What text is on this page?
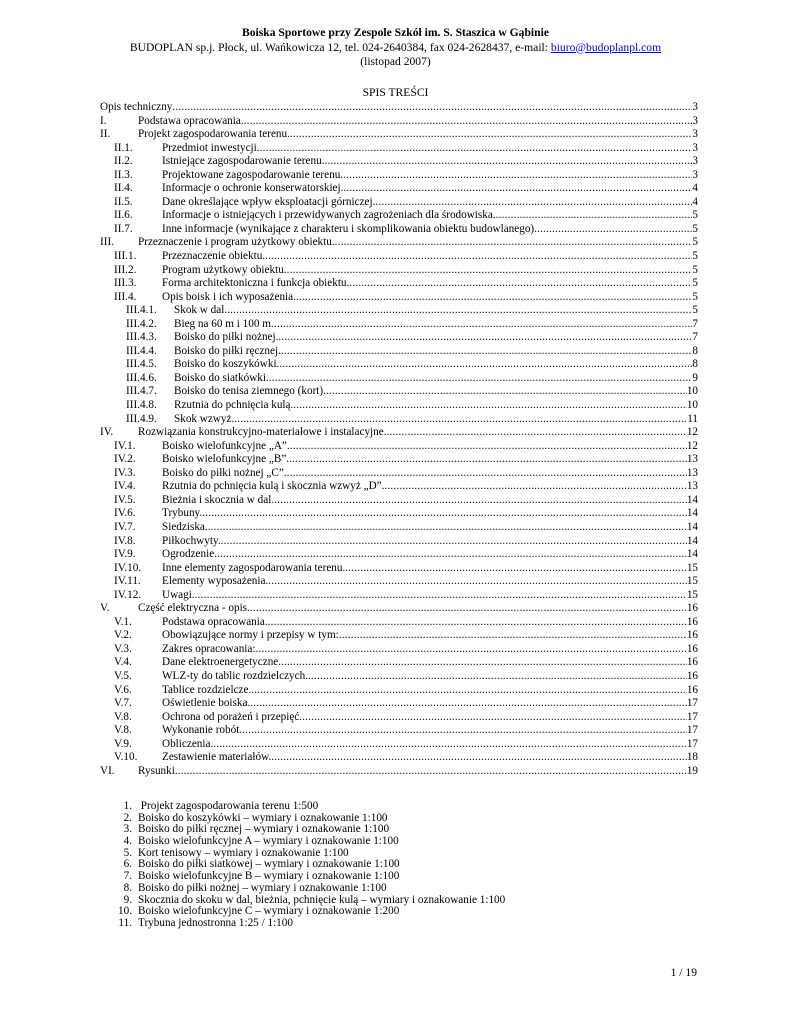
Boiska Sportowe przy Zespole Szkół im. S. Staszica w Gąbinie
BUDOPLAN sp.j. Płock, ul. Wańkowicza 12, tel. 024-2640384, fax 024-2628437, e-mail: biuro@budoplanpl.com
(listopad 2007)
SPIS TREŚCI
Opis techniczny .....	3
I.	Podstawa opracowania. .....	3
II.	Projekt zagospodarowania terenu. .....	3
II.1.	Przedmiot inwestycji. .....	3
II.2.	Istniejące zagospodarowanie terenu. .....	3
II.3.	Projektowane zagospodarowanie terenu. .....	3
II.4.	Informacje o ochronie konserwatorskiej. .....	4
II.5.	Dane określające wpływ eksploatacji górniczej. .....	4
II.6.	Informacje o istniejących i przewidywanych zagrożeniach dla środowiska. .....	5
II.7.	Inne informacje (wynikające z charakteru i skomplikowania obiektu budowlanego). .....	5
III.	Przeznaczenie i program użytkowy obiektu. .....	5
III.1.	Przeznaczenie obiektu. .....	5
III.2.	Program użytkowy obiektu. .....	5
III.3.	Forma architektoniczna i funkcja obiektu. .....	5
III.4.	Opis boisk i ich wyposażenia. .....	5
III.4.1.	Skok w dal. .....	5
III.4.2.	Bieg na 60 m i 100 m .....	7
III.4.3.	Boisko do piłki nożnej. .....	7
III.4.4.	Boisko do piłki ręcznej. .....	8
III.4.5.	Boisko do koszykówki. .....	8
III.4.6.	Boisko do siatkówki. .....	9
III.4.7.	Boisko do tenisa ziemnego (kort). .....	10
III.4.8.	Rzutnia do pchnięcia kulą. .....	10
III.4.9.	Skok wzwyż. .....	11
IV.	Rozwiązania konstrukcyjno-materiałowe i instalacyjne. .....	12
IV.1.	Boisko wielofunkcyjne „A”. .....	12
IV.2.	Boisko wielofunkcyjne „B”. .....	13
IV.3.	Boisko do piłki nożnej „C”. .....	13
IV.4.	Rzutnia do pchnięcia kulą i skocznia wzwyż „D”. .....	13
IV.5.	Bieżnia i skocznia w dal. .....	14
IV.6.	Trybuny. .....	14
IV.7.	Siedziska. .....	14
IV.8.	Piłkochwyty. .....	14
IV.9.	Ogrodzenie. .....	14
IV.10.	Inne elementy zagospodarowania terenu. .....	15
IV.11.	Elementy wyposażenia. .....	15
IV.12.	Uwagi. .....	15
V.	Część elektryczna - opis. .....	16
V.1.	Podstawa opracowania. .....	16
V.2.	Obowiązujące normy i przepisy w tym: .....	16
V.3.	Zakres opracowania: .....	16
V.4.	Dane elektroenergetyczne. .....	16
V.5.	WLZ-ty do tablic rozdzielczych. .....	16
V.6.	Tablice rozdzielcze. .....	16
V.7.	Oświetlenie boiska. .....	17
V.8.	Ochrona od porażeń i przepięć. .....	17
V.8.	Wykonanie robót. .....	17
V.9.	Obliczenia. .....	17
V.10.	Zestawienie materiałów. .....	18
VI.	Rysunki. .....	19
1. Projekt zagospodarowania terenu 1:500
2. Boisko do koszykówki – wymiary i oznakowanie 1:100
3. Boisko do piłki ręcznej – wymiary i oznakowanie 1:100
4. Boisko wielofunkcyjne A – wymiary i oznakowanie 1:100
5. Kort tenisowy – wymiary i oznakowanie 1:100
6. Boisko do piłki siatkowej – wymiary i oznakowanie 1:100
7. Boisko wielofunkcyjne B – wymiary i oznakowanie 1:100
8. Boisko do piłki nożnej – wymiary i oznakowanie 1:100
9. Skocznia do skoku w dal, bieżnia, pchnięcie kulą – wymiary i oznakowanie 1:100
10. Boisko wielofunkcyjne C – wymiary i oznakowanie 1:200
11. Trybuna jednostronna 1:25 / 1:100
1 / 19
